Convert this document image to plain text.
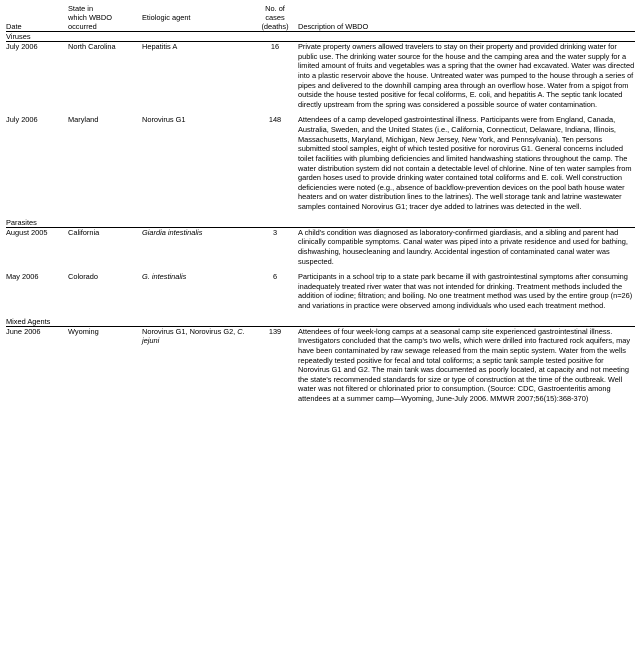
	State in		No. of	
	which WBDO	Etiologic agent	cases	
Date	occurred		(deaths)	Description of WBDO

Viruses				

July 2006	North Carolina	Hepatitis A	16	Private property owners allowed travelers to stay on their property and provided drinking water for public use. The drinking water source for the house and the camping area and the water supply for a limited amount of fruits and vegetables was a spring that the owner had excavated. Water was directed into a plastic reservoir above the house. Untreated water was pumped to the house through a series of pipes and delivered to the downhill camping area through an overflow hose. Water from a spigot from outside the house tested positive for fecal coliforms, E. coli, and hepatitis A. The septic tank located directly upstream from the spring was considered a possible source of water contamination.

July 2006	Maryland	Norovirus G1	148	Attendees of a camp developed gastrointestinal illness. Participants were from England, Canada, Australia, Sweden, and the United States (i.e., California, Connecticut, Delaware, Indiana, Illinois, Massachusetts, Maryland, Michigan, New Jersey, New York, and Pennsylvania). Ten persons submitted stool samples, eight of which tested positive for norovirus G1. General concerns included toilet facilities with plumbing deficiencies and limited handwashing stations throughout the camp. The water distribution system did not contain a detectable level of chlorine. Nine of ten water samples from garden hoses used to provide drinking water contained total coliforms and E. coli. Well construction deficiencies were noted (e.g., absence of backflow-prevention devices on the pool bath house water heaters and on water distribution lines to the latrines). The well storage tank and latrine wastewater samples contained Norovirus G1; tracer dye added to latrines was detected in the well.

Parasites				

August 2005	California	Giardia intestinalis	3	A child's condition was diagnosed as laboratory-confirmed giardiasis, and a sibling and parent had clinically compatible symptoms. Canal water was piped into a private residence and used for bathing, dishwashing, housecleaning and laundry. Accidental ingestion of contaminated canal water was suspected.

May 2006	Colorado	G. intestinalis	6	Participants in a school trip to a state park became ill with gastrointestinal symptoms after consuming inadequately treated river water that was not intended for drinking. Treatment methods included the addition of iodine; filtration; and boiling. No one treatment method was used by the entire group (n=26) and variations in practice were observed among individuals who used each treatment method.

Mixed Agents				

June 2006	Wyoming	Norovirus G1, Norovirus G2, C. jejuni	139	Attendees of four week-long camps at a seasonal camp site experienced gastrointestinal illness. Investigators concluded that the camp's two wells, which were drilled into fractured rock aquifers, may have been contaminated by raw sewage released from the main septic system. Water from the wells repeatedly tested positive for fecal and total coliforms; a septic tank sample tested positive for Norovirus G1 and G2. The main tank was documented as poorly located, at capacity and not meeting the state's recommended standards for size or type of construction at the time of the outbreak. Well water was not filtered or chlorinated prior to consumption. (Source: CDC, Gastroenteritis among attendees at a summer camp—Wyoming, June-July 2006. MMWR 2007;56(15):368-370)
